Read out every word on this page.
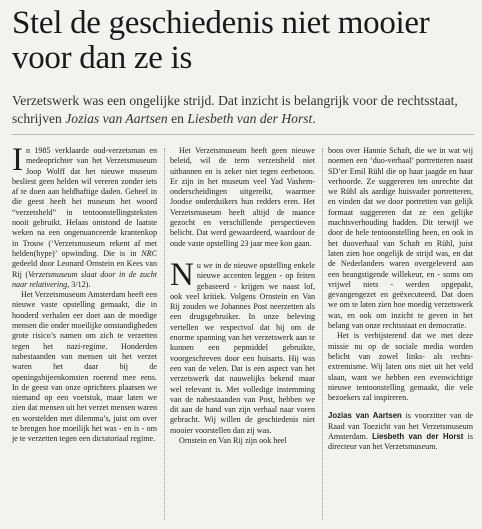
Stel de geschiedenis niet mooier voor dan ze is

Verzetswerk was een ongelijke strijd. Dat inzicht is belangrijk voor de rechtsstaat, schrijven Jozias van Aartsen en Liesbeth van der Horst.

In 1985 verklaarde oud-verzetsman en medeoprichter van het Verzetsmuseum Joop Wolff dat het nieuwe museum besliest geen helden wil vereren zonder iets af te doen aan heldhaftige daden. Geheel in die geest heeft het museum het woord “verzetsheld” in tentoonstellingsteksten nooit gebruikt. Helaas ontstond de laatste weken na een ongenuanceerde krantenkop in Trouw (‘Verzetsmuseum rekent af met helden(hype)’ opwinding. Die is in NRC gedeeld door Leonard Ornstein en Kees van Rij (Verzetsmuseum slaat door in de zucht naar relativering, 3/12).

Het Verzetsmuseum Amsterdam heeft een nieuwe vaste opstelling gemaakt, die in honderd verhalen eer doet aan de moedige mensen die onder moeilijke omstandigheden grote risico’s namen om zich te verzetten tegen het nazi-regime. Honderden nabestaanden van mensen uit het verzet waren het daar bij de openingsbijeenkomsten roerend mee eens. In de geest van onze oprichters plaatsen we niemand op een voetstuk, maar laten we zien dat mensen uit het verzet mensen waren en worstelden met dilemma’s, juist om over te brengen hoe moeilijk het was - en is - om je te verzetten tegen een dictatoriaal regime.

Het Verzetsmuseum heeft geen nieuwe beleid, wil de term verzetsheld niet uitbannen en is zeker niet tegen eerbetoon. Er zijn in het museum veel Yad Vashem-onderscheidingen uitgereikt, waarmee Joodse onderduikers hun redders eren. Het Verzetsmuseum heeft altijd de nuance gezocht en verschillende perspectieven belicht. Dat werd gewaardeerd, waardoor de oude vaste opstelling 23 jaar mee kon gaan.

Nu we in de nieuwe opstelling enkele nieuwe accenten leggen - op feiten gebaseerd - krijgen we naast lof, ook veel kritiek. Volgens Ornstein en Van Rij zouden we Johannes Post neerzetten als een drugsgebruiker. In onze beleving vertellen we respectvol dat hij om de enorme spanning van het verzetswerk aan te kunnen een pepmiddel gebruikte, voorgeschreven door een huisarts. Hij was een van de velen. Dat is een aspect van het verzetswerk dat nauwelijks bekend maar wel relevant is. Met volledige instemming van de nabestaanden van Post, hebben we dit aan de hand van zijn verhaal naar voren gebracht. Wij willen de geschiedenis niet mooier voorstellen dan zij was.

Ornstein en Van Rij zijn ook heel

boos over Hannie Schaft, die we in wat wij noemen een ‘duo-verhaal’ portretteren naast SD’er Emil Rühl die op haar jaagde en haar verhoorde. Ze suggereren ten onrechte dat we Rühl als aardige huisvader portretteren, en vinden dat we door portretten van gelijk formaat suggereren dat ze een gelijke machtsverhouding hadden. Dit terwijl we door de hele tentoonstelling heen, en ook in het duoverhaal van Schaft en Rühl, juist laten zien hoe ongelijk de strijd was, en dat de Nederlanders waren overgeleverd aan een beangstigende willekeur, en - soms om vrijwel niets - werden opgepakt, gevangengezet en geëxecuteerd. Dat doen we om te laten zien hoe moedig verzetswerk was, en ook om inzicht te geven in het belang van onze rechtsstaat en democratie.

Het is verbijsterend dat we met deze missie nu op de sociale media worden belicht van zowel links- als rechts-extremisme. Wij laten ons niet uit het veld slaan, want we hebben een evenwichtige nieuwe tentoonstelling gemaakt, die vele bezoekers zal inspireren.

Jozias van Aartsen is voorzitter van de Raad van Toezicht van het Verzetsmuseum Amsterdam. Liesbeth van der Horst is directeur van het Verzetsmuseum.
